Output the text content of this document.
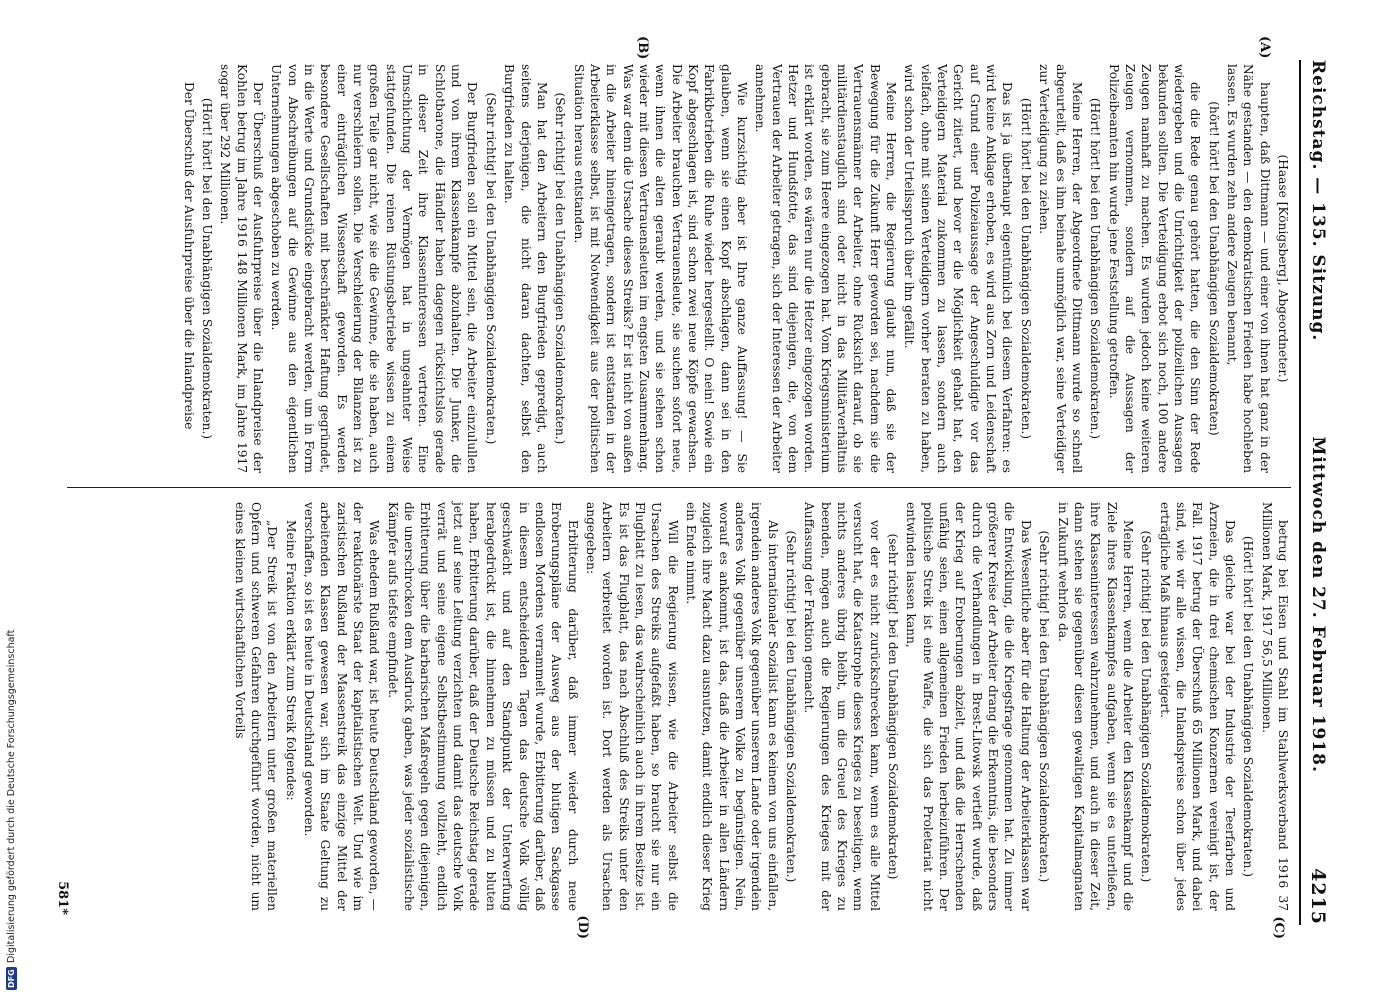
Reichstag. — 135. Sitzung.
Mittwoch den 27. Februar 1918.
4215
(A)
(B)

(Haase [Königsberg], Abgeordneter.)

haupten, daß Dittmann — und einer von ihnen hat ganz in der Nähe gestanden — den demokratischen Frieden habe hochleben lassen. Es wurden zehn andere Zeugen benannt,

(hört! hört! bei den Unabhängigen Sozialdemokraten)

die die Rede genau gehört hatten, die den Sinn der Rede wiedergeben und die Unrichtigkeit der polizeilichen Aussagen bekunden sollten. Die Verteidigung erbot sich noch, 100 andere Zeugen namhaft zu machen. Es wurden jedoch keine weiteren Zeugen vernommen, sondern auf die Aussagen der Polizeibeamten hin wurde jene Feststellung getroffen.

(Hört! hört! bei den Unabhängigen Sozialdemokraten.)

Meine Herren, der Abgeordnete Dittmann wurde so schnell abgeurteilt, daß es ihm beinahe unmöglich war, seine Verteidiger zur Verteidigung zu ziehen.

(Hört! hört! bei den Unabhängigen Sozialdemokraten.)

Das ist ja überhaupt eigentümlich bei diesem Verfahren: es wird keine Anklage erhoben, es wird aus Zorn und Leidenschaft auf Grund einer Polizeiaussage der Angeschuldigte vor das Gericht zitiert, und bevor er die Möglichkeit gehabt hat, den Verteidigern Material zukommen zu lassen, sondern auch vielfach, ohne mit seinen Verteidigern vorher beraten zu haben, wird schon der Urteilsspruch über ihn gefällt.

Meine Herren, die Regierung glaubt nun, daß sie der Bewegung für die Zukunft Herr geworden sei, nachdem sie die Vertrauensmänner der Arbeiter, ohne Rücksicht darauf, ob sie militärdienstauglich sind oder nicht in das Militärverhältnis gebracht, sie zum Heere eingezogen hat. Vom Kriegsministerium ist erklärt worden, es wären nur die Hetzer eingezogen worden. Hetzer und Hundsfotte, das sind diejenigen, die, von dem Vertrauen der Arbeiter getragen, sich der Interessen der Arbeiter annehmen.

Wie kurzsichtig aber ist Ihre ganze Auffassung! — Sie glauben, wenn sie einen Kopf abschlagen, dann sei in den Fabrikbetrieben die Ruhe wieder hergestellt. O nein! Sowie ein Kopf abgeschlagen ist, sind schon zwei neue Köpfe gewachsen. Die Arbeiter brauchen Vertrauensleute, sie suchen sofort neue, wenn ihnen die alten geraubt werden, und sie stehen schon wieder mit diesen Vertrauensleuten im engsten Zusammenhang. Was war denn die Ursache dieses Streiks? Er ist nicht von außen in die Arbeiter hineingetragen, sondern ist entstanden in der Arbeiterklasse selbst, ist mit Notwendigkeit aus der politischen Situation heraus entstanden.

(Sehr richtig! bei den Unabhängigen Sozialdemokraten.)

Man hat den Arbeitern den Burgfrieden gepredigt, auch seitens derjenigen, die nicht daran dachten, selbst den Burgfrieden zu halten.

(Sehr richtig! bei den Unabhängigen Sozialdemokraten.)

Der Burgfrieden soll ein Mittel sein, die Arbeiter einzulullen und von ihrem Klassenkampfe abzuhalten. Die Junker, die Schlotbarone, die Händler haben dagegen rücksichtslos gerade in dieser Zeit ihre Klasseninteressen vertreten. Eine Umschichtung der Vermögen hat in ungeahnter Weise stattgefunden. Die reinen Rüstungsbetriebe wissen zu einem großen Teile gar nicht, wie sie die Gewinne, die sie haben, auch nur verschleiern sollen. Die Verschleierung der Bilanzen ist zu einer einträglichen Wissenschaft geworden. Es werden besondere Gesellschaften mit beschränkter Haftung gegründet, in die Werte und Grundstücke eingebracht werden, um in Form von Abschreibungen auf die Gewinne aus den eigentlichen Unternehmungen abgeschoben zu werden.

Der Überschuß der Ausfuhrpreise über die Inlandpreise der Kohlen betrug im Jahre 1916 148 Millionen Mark, im Jahre 1917 sogar über 292 Millionen.

(Hört! hört! bei den Unabhängigen Sozialdemokraten.)

Der Überschuß der Ausfuhrpreise über die Inlandpreise

(C)
(D)

betrug bei Eisen und Stahl im Stahlwerksverband 1916 37 Millionen Mark, 1917 56,5 Millionen.

(Hört! hört! bei den Unabhängigen Sozialdemokraten.)

Das gleiche war bei der Industrie der Teerfarben und Arzneien, die in drei chemischen Konzernen vereinigt ist, der Fall. 1917 betrug der Überschuß 65 Millionen Mark, und dabei sind, wie wir alle wissen, die Inlandspreise schon über jedes erträgliche Maß hinaus gesteigert.

(Sehr richtig! bei den Unabhängigen Sozialdemokraten.)

Meine Herren, wenn die Arbeiter den Klassenkampf und die Ziele ihres Klassenkampfes aufgaben, wenn sie es unterließen, ihre Klasseninteressen wahrzunehmen, und auch in dieser Zeit, dann stehen sie gegenüber diesen gewaltigen Kapitalmagnaten in Zukunft wehrlos da.

(Sehr richtig! bei den Unabhängigen Sozialdemokraten.)

Das Wesentliche aber für die Haltung der Arbeiterklassen war die Entwicklung, die die Kriegsfrage genommen hat. Zu immer größerer Kreise der Arbeiter drang die Erkenntnis, die besonders durch die Verhandlungen in Brest-Litowsk vertieft wurde, daß der Krieg auf Eroberungen abzielt, und daß die Herrschenden unfähig seien, einen allgemeinen Frieden herbeizuführen. Der politische Streik ist eine Waffe, die sich das Proletariat nicht entwinden lassen kann,

(sehr richtig! bei den Unabhängigen Sozialdemokraten)

vor der es nicht zurückschrecken kann, wenn es alle Mittel versucht hat, die Katastrophe dieses Krieges zu beseitigen, wenn nichts anderes übrig bleibt, um die Greuel des Krieges zu beenden, mögen auch die Regierungen des Krieges mit der Auffassung der Fraktion gemacht.

(Sehr richtig! bei den Unabhängigen Sozialdemokraten.)

Als internationaler Sozialist kann es keinem von uns einfallen, irgendein anderes Volk gegenüber unserem Lande oder irgendein anderes Volk gegenüber unserem Volke zu begünstigen. Nein, worauf es ankommt, ist das, daß die Arbeiter in allen Ländern zugleich ihre Macht dazu ausnutzen, damit endlich dieser Krieg ein Ende nimmt.

Will die Regierung wissen, wie die Arbeiter selbst die Ursachen des Streiks aufgefaßt haben, so braucht sie nur ein Flugblatt zu lesen, das wahrscheinlich auch in ihrem Besitze ist. Es ist das Flugblatt, das nach Abschluß des Streiks unter den Arbeitern verbreitet worden ist. Dort werden als Ursachen angegeben:

Erbitterung darüber, daß immer wieder durch neue Eroberungspläne der Ausweg aus der blutigen Sackgasse endlosen Mordens verrammelt wurde, Erbitterung darüber, daß in diesem entscheidenden Tagen das deutsche Volk völlig geschwächt und auf den Standpunkt der Unterwerfung herabgedrückt ist, die hinnehmen zu müssen und zu bluten haben, Erbitterung darüber, daß der Deutsche Reichstag gerade jetzt auf seine Leitung verzichten und damit das deutsche Volk verrät und seine eigene Selbstbestimmung vollzieht, endlich Erbitterung über die barbarischen Maßregeln gegen diejenigen, die unerschrocken dem Ausdruck gaben, was jeder sozialistische Kämpfer aufs tiefste empfindet.

Was ehedem Rußland war, ist heute Deutschland geworden, — der reaktionärste Staat der kapitalistischen Welt. Und wie im zaristischen Rußland der Massenstreik das einzige Mittel der arbeitenden Klassen gewesen war, sich im Staate Geltung zu verschaffen, so ist es heute in Deutschland geworden.

Meine Fraktion erklärt zum Streik folgendes:

„Der Streik ist von den Arbeitern unter großen materiellen Opfern und schweren Gefahren durchgeführt worden, nicht um eines kleinen wirtschaftlichen Vorteils

581*
DFG
Digitalisierung gefördert durch die Deutsche Forschungsgemeinschaft
